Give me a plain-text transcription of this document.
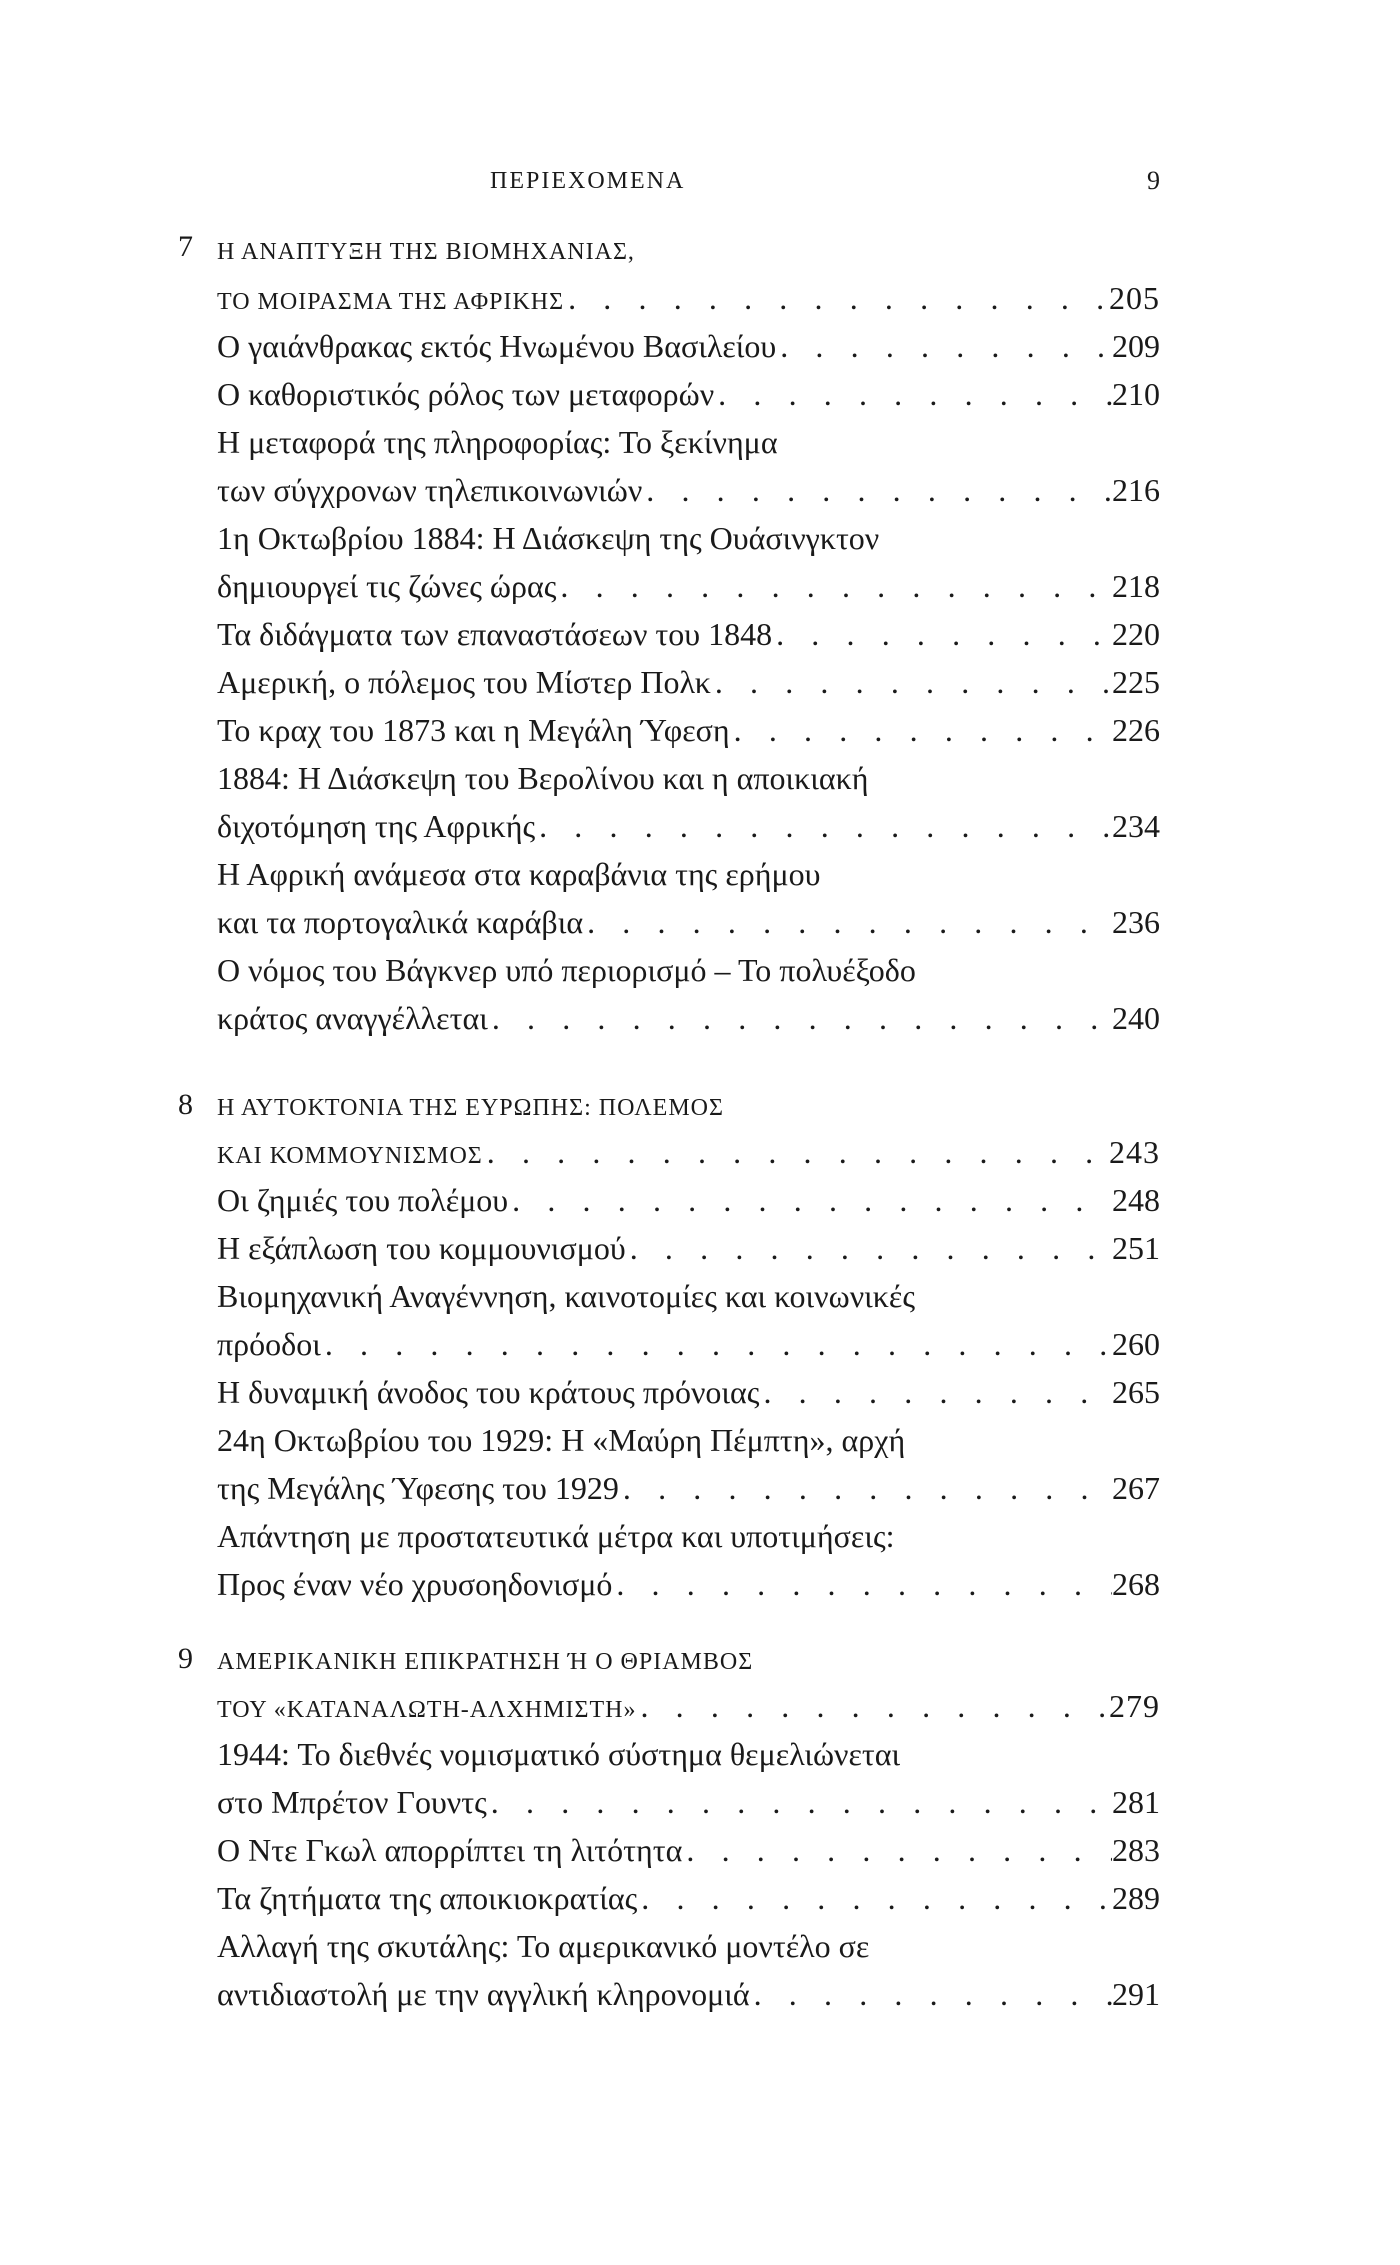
ΠΕΡΙΕΧΟΜΕΝΑ	9
7 Η ΑΝΑΠΤΥΞΗ ΤΗΣ ΒΙΟΜΗΧΑΝΙΑΣ,
ΤΟ ΜΟΙΡΑΣΜΑ ΤΗΣ ΑΦΡΙΚΗΣ . . .	205
Ο γαιάνθρακας εκτός Ηνωμένου Βασιλείου . . .	209
Ο καθοριστικός ρόλος των μεταφορών . . .	210
Η μεταφορά της πληροφορίας: Το ξεκίνημα
των σύγχρονων τηλεπικοινωνιών . . .	216
1η Οκτωβρίου 1884: Η Διάσκεψη της Ουάσινγκτον
δημιουργεί τις ζώνες ώρας . . .	218
Τα διδάγματα των επαναστάσεων του 1848 . . .	220
Αμερική, ο πόλεμος του Μίστερ Πολκ . . .	225
Το κραχ του 1873 και η Μεγάλη Ύφεση . . .	226
1884: Η Διάσκεψη του Βερολίνου και η αποικιακή
διχοτόμηση της Αφρικής . . .	234
Η Αφρική ανάμεσα στα καραβάνια της ερήμου
και τα πορτογαλικά καράβια . . .	236
Ο νόμος του Βάγκνερ υπό περιορισμό – Το πολυέξοδο
κράτος αναγγέλλεται . . .	240
8 Η ΑΥΤΟΚΤΟΝΙΑ ΤΗΣ ΕΥΡΩΠΗΣ: ΠΟΛΕΜΟΣ
ΚΑΙ ΚΟΜΜΟΥΝΙΣΜΟΣ . . .	243
Οι ζημιές του πολέμου . . .	248
Η εξάπλωση του κομμουνισμού . . .	251
Βιομηχανική Αναγέννηση, καινοτομίες και κοινωνικές
πρόοδοι . . .	260
Η δυναμική άνοδος του κράτους πρόνοιας . . .	265
24η Οκτωβρίου του 1929: Η «Μαύρη Πέμπτη», αρχή
της Μεγάλης Ύφεσης του 1929 . . .	267
Απάντηση με προστατευτικά μέτρα και υποτιμήσεις:
Προς έναν νέο χρυσοηδονισμό . . .	268
9 ΑΜΕΡΙΚΑΝΙΚΗ ΕΠΙΚΡΑΤΗΣΗ Ή Ο ΘΡΙΑΜΒΟΣ
ΤΟΥ «ΚΑΤΑΝΑΛΩΤΗ-ΑΛΧΗΜΙΣΤΗ» . . .	279
1944: Το διεθνές νομισματικό σύστημα θεμελιώνεται
στο Μπρέτον Γουντς . . .	281
Ο Ντε Γκωλ απορρίπτει τη λιτότητα . . .	283
Τα ζητήματα της αποικιοκρατίας . . .	289
Αλλαγή της σκυτάλης: Το αμερικανικό μοντέλο σε
αντιδιαστολή με την αγγλική κληρονομιά . . .	291
